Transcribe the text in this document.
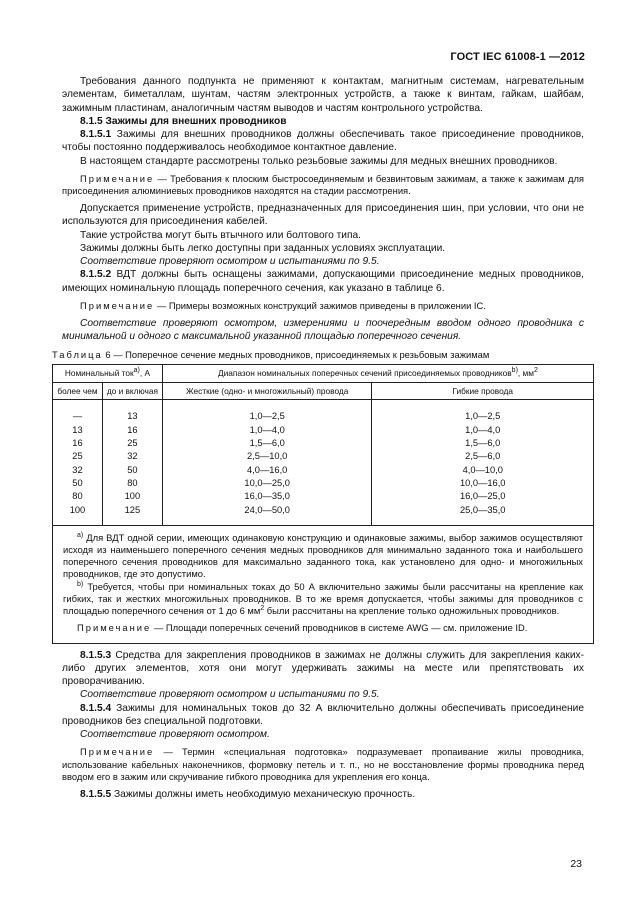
ГОСТ IEC 61008-1 —2012

Требования данного подпункта не применяют к контактам, магнитным системам, нагревательным элементам, биметаллам, шунтам, частям электронных устройств, а также к винтам, гайкам, шайбам, зажимным пластинам, аналогичным частям выводов и частям контрольного устройства.

8.1.5 Зажимы для внешних проводников

8.1.5.1 Зажимы для внешних проводников должны обеспечивать такое присоединение проводников, чтобы постоянно поддерживалось необходимое контактное давление.

В настоящем стандарте рассмотрены только резьбовые зажимы для медных внешних проводников.

Примечание — Требования к плоским быстросоединяемым и безвинтовым зажимам, а также к зажимам для присоединения алюминиевых проводников находятся на стадии рассмотрения.

Допускается применение устройств, предназначенных для присоединения шин, при условии, что они не используются для присоединения кабелей.

Такие устройства могут быть втычного или болтового типа.

Зажимы должны быть легко доступны при заданных условиях эксплуатации.

Соответствие проверяют осмотром и испытаниями по 9.5.

8.1.5.2 ВДТ должны быть оснащены зажимами, допускающими присоединение медных проводников, имеющих номинальную площадь поперечного сечения, как указано в таблице 6.

Примечание — Примеры возможных конструкций зажимов приведены в приложении IC.

Соответствие проверяют осмотром, измерениями и поочередным вводом одного проводника с минимальной и одного с максимальной указанной площадью поперечного сечения.

Таблица 6 — Поперечное сечение медных проводников, присоединяемых к резьбовым зажимам

Номинальный ток$^{a)}$, А		Диапазон номинальных поперечных сечений присоединяемых проводников$^{b)}$, $мм^2$
более чем	до и включая	Жесткие (одно- и многожильный) провода	Гибкие провода
—	13	1,0—2,5	1,0—2,5
13	16	1,0—4,0	1,0—4,0
16	25	1,5—6,0	1,5—6,0
25	32	2,5—10,0	2,5—6,0
32	50	4,0—16,0	4,0—10,0
50	80	10,0—25,0	10,0—16,0
80	100	16,0—35,0	16,0—25,0
100	125	24,0—50,0	25,0—35,0

$^{a)}$ Для ВДТ одной серии, имеющих одинаковую конструкцию и одинаковые зажимы, выбор зажимов осуществляют исходя из наименьшего поперечного сечения медных проводников для минимально заданного тока и наибольшего поперечного сечения проводников для максимально заданного тока, как установлено для одно- и многожильных проводников, где это допустимо.

$^{b)}$ Требуется, чтобы при номинальных токах до 50 А включительно зажимы были рассчитаны на крепление как гибких, так и жестких многожильных проводников. В то же время допускается, чтобы зажимы для проводников с площадью поперечного сечения от 1 до 6 $мм^2$ были рассчитаны на крепление только одножильных проводников.

Примечание — Площади поперечных сечений проводников в системе AWG — см. приложение ID.			

8.1.5.3 Средства для закрепления проводников в зажимах не должны служить для закрепления каких-либо других элементов, хотя они могут удерживать зажимы на месте или препятствовать их проворачиванию.

Соответствие проверяют осмотром и испытаниями по 9.5.

8.1.5.4 Зажимы для номинальных токов до 32 А включительно должны обеспечивать присоединение проводников без специальной подготовки.

Соответствие проверяют осмотром.

Примечание — Термин «специальная подготовка» подразумевает пропаивание жилы проводника, использование кабельных наконечников, формовку петель и т. п., но не восстановление формы проводника перед вводом его в зажим или скручивание гибкого проводника для укрепления его конца.

8.1.5.5 Зажимы должны иметь необходимую механическую прочность.

23
